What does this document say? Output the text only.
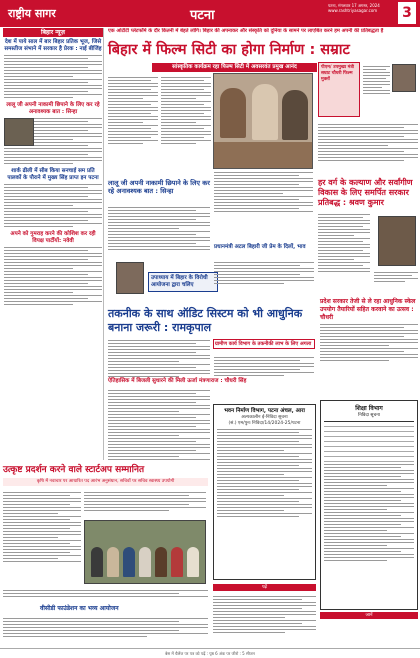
राष्ट्रीय सागर	पटना
पटना, मंगलवार 17 अगस्त, 2024
www.rashtriyasagar.com	3
एक ओटीटी प्लेटफॉर्म के दौर कितनी में बेहते लोगि। बिहार की अपनाकर और संस्कृति को दुनिया के सामने पर लाएबित करने हम अपनी की प्रतिबद्धता है
बिहार न्यूज़
देश में पाये साल में बार बिहार प्रतिक भूज, जिसे समस्तीज संभाने में सरकार है प्रेरक : नाई बीजिंह
लालू जी अपनी नाकामी छिपाने के लिए कर रहे अनावश्यक बात : सिन्हा
शार्क ढीली में सीब किया सनचाई सम प्रति पालकों के पौराने में मुख्य सिंह प्राप्त इन पटना
अपने को गुमराह करने की कोशिश कर रही विपक्ष पार्टीयों: नवेवी
बिहार में फिल्म सिटी का होगा निर्माण : सम्राट
सांस्कृतिक कार्यक्रम रहा फिल्म सिटी में अवसरवंत प्रमुख आनंद	पीएम/ उपमुख्य मंत्री सम्राट चौधरी फिल्म मुक्तों
लालू जी अपनी नाकामी छिपाने के लिए कर रहे अनावश्यक बात : सिन्हा
उपाध्याय में बिहार के विरोधी आयोजना द्वारा चलिए
हर वर्ग के कल्याण और सर्वांगीण विकास के लिए समर्पित सरकार प्रतिबद्ध : श्रवण कुमार
प्रधानमंत्री अटल बिहारी जी प्रेम के दिलों, भाव
तकनीक के साथ ऑडिट सिस्टम को भी आधुनिक बनाना जरूरी : रामकृपाल
ग्रामीण कार्य विभाग के तकनीकी लाभ के लिए अगला
प्रदेश सरकार तेजी से ले रहा आधुनिक स्केल उपयोग तैयारियों सहित करवाने का उत्सव : चौधरी
ऐतिहासिक में बिजली सुधारने की मिली ऊर्जा मंत्रणाराज : चौधरी सिंह
भवन निर्माण विभाग, पटना अंचल, आरा
अल्पकालीन ई-निविदा सूचना
(सं.) एम/पुनः निविदा/14/2024-25/पटना
शिक्षा विभाग
निविदा सूचना
जानें
उत्कृष्ट प्रदर्शन करने वाले स्टार्टअप सम्मानित
कृषि में नवाचार पर आधारित पद आरंभ अनुसंधान, सचिवों पर सचिव स्वास्थ्य उपयोगी
वीसीडी फाउंडेशन का भव्य आयोजन
पढ़ें
बेस में चैलेंज पर पत्र को पढ़ें : पृष्ठ 6 अंक पर जीरो : 5 सीजन
